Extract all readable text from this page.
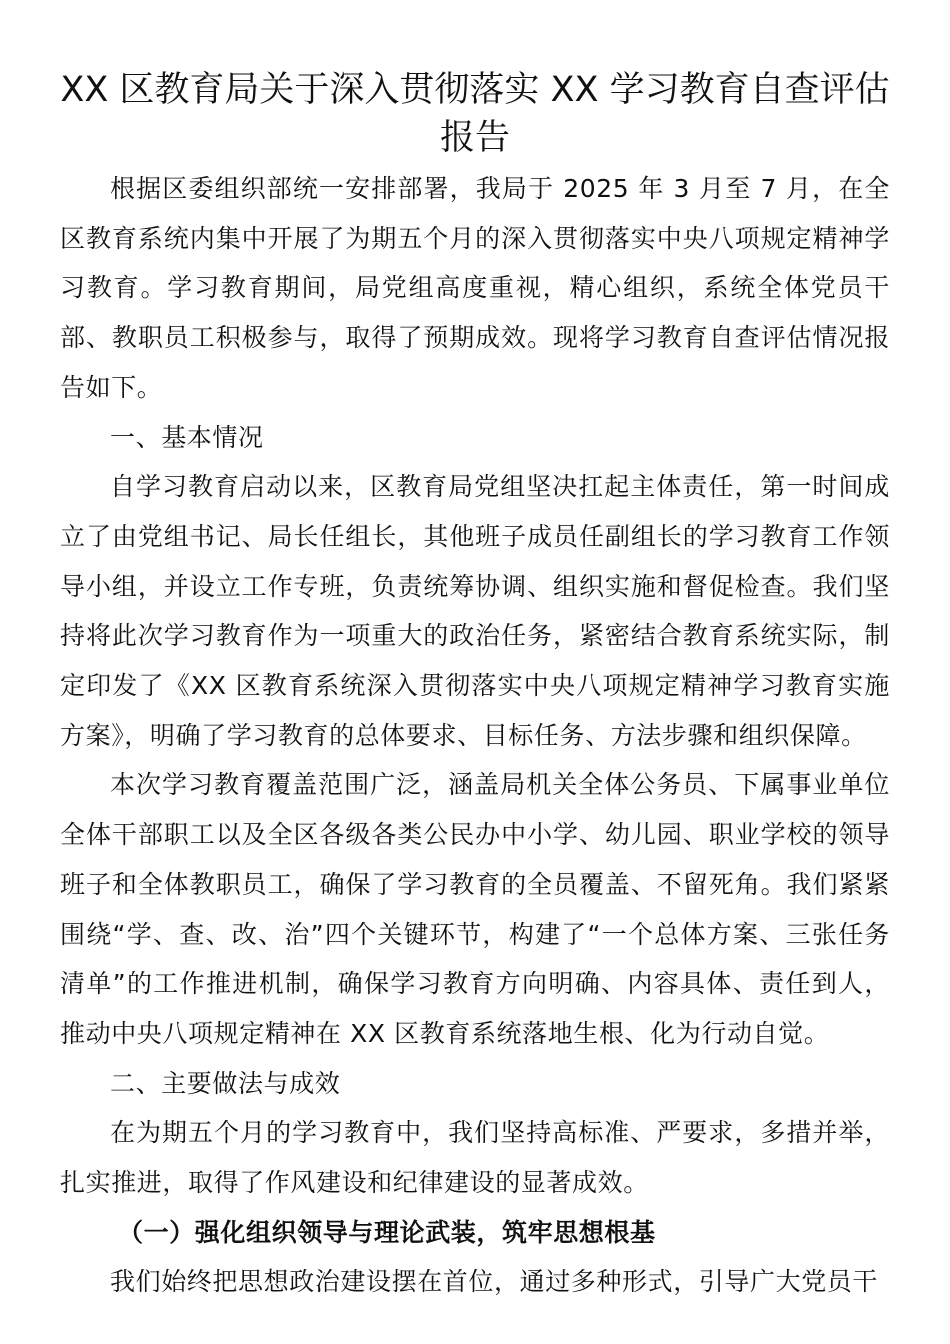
XX 区教育局关于深入贯彻落实 XX 学习教育自查评估报告

根据区委组织部统一安排部署，我局于 2025 年 3 月至 7 月，在全区教育系统内集中开展了为期五个月的深入贯彻落实中央八项规定精神学习教育。学习教育期间，局党组高度重视，精心组织，系统全体党员干部、教职员工积极参与，取得了预期成效。现将学习教育自查评估情况报告如下。

一、基本情况

自学习教育启动以来，区教育局党组坚决扛起主体责任，第一时间成立了由党组书记、局长任组长，其他班子成员任副组长的学习教育工作领导小组，并设立工作专班，负责统筹协调、组织实施和督促检查。我们坚持将此次学习教育作为一项重大的政治任务，紧密结合教育系统实际，制定印发了《XX 区教育系统深入贯彻落实中央八项规定精神学习教育实施方案》，明确了学习教育的总体要求、目标任务、方法步骤和组织保障。

本次学习教育覆盖范围广泛，涵盖局机关全体公务员、下属事业单位全体干部职工以及全区各级各类公民办中小学、幼儿园、职业学校的领导班子和全体教职员工，确保了学习教育的全员覆盖、不留死角。我们紧紧围绕“学、查、改、治”四个关键环节，构建了“一个总体方案、三张任务清单”的工作推进机制，确保学习教育方向明确、内容具体、责任到人，推动中央八项规定精神在 XX 区教育系统落地生根、化为行动自觉。

二、主要做法与成效

在为期五个月的学习教育中，我们坚持高标准、严要求，多措并举，扎实推进，取得了作风建设和纪律建设的显著成效。

（一）强化组织领导与理论武装，筑牢思想根基

我们始终把思想政治建设摆在首位，通过多种形式，引导广大党员干
